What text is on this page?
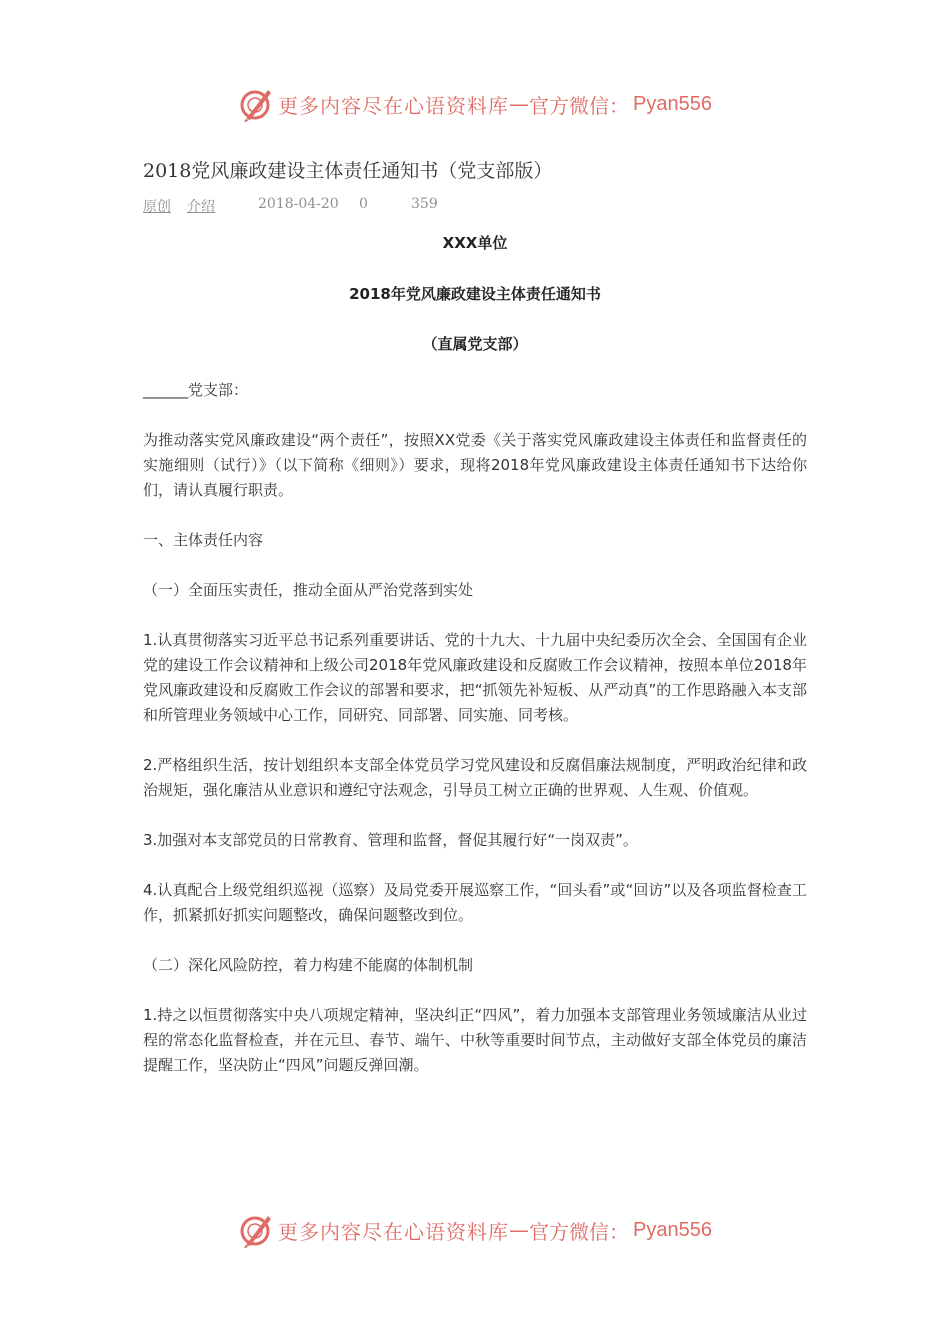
更多内容尽在心语资料库 — 官方微信： Pyan556
2018党风廉政建设主体责任通知书（党支部版）
原创 介绍	2018-04-20 0	359
XXX单位
2018年党风廉政建设主体责任通知书
（直属党支部）

______党支部：

为推动落实党风廉政建设“两个责任”，按照XX党委《关于落实党风廉政建设主体责任和监督责任的实施细则（试行）》（以下简称《细则》）要求，现将2018年党风廉政建设主体责任通知书下达给你们，请认真履行职责。

一、主体责任内容

（一）全面压实责任，推动全面从严治党落到实处

1.认真贯彻落实习近平总书记系列重要讲话、党的十九大、十九届中央纪委历次全会、全国国有企业党的建设工作会议精神和上级公司2018年党风廉政建设和反腐败工作会议精神，按照本单位2018年党风廉政建设和反腐败工作会议的部署和要求，把“抓领先补短板、从严动真”的工作思路融入本支部和所管理业务领域中心工作，同研究、同部署、同实施、同考核。

2.严格组织生活，按计划组织本支部全体党员学习党风建设和反腐倡廉法规制度，严明政治纪律和政治规矩，强化廉洁从业意识和遵纪守法观念，引导员工树立正确的世界观、人生观、价值观。

3.加强对本支部党员的日常教育、管理和监督，督促其履行好“一岗双责”。

4.认真配合上级党组织巡视（巡察）及局党委开展巡察工作，“回头看”或“回访”以及各项监督检查工作，抓紧抓好抓实问题整改，确保问题整改到位。

（二）深化风险防控，着力构建不能腐的体制机制

1.持之以恒贯彻落实中央八项规定精神，坚决纠正“四风”，着力加强本支部管理业务领域廉洁从业过程的常态化监督检查，并在元旦、春节、端午、中秋等重要时间节点，主动做好支部全体党员的廉洁提醒工作，坚决防止“四风”问题反弹回潮。

更多内容尽在心语资料库 — 官方微信： Pyan556
